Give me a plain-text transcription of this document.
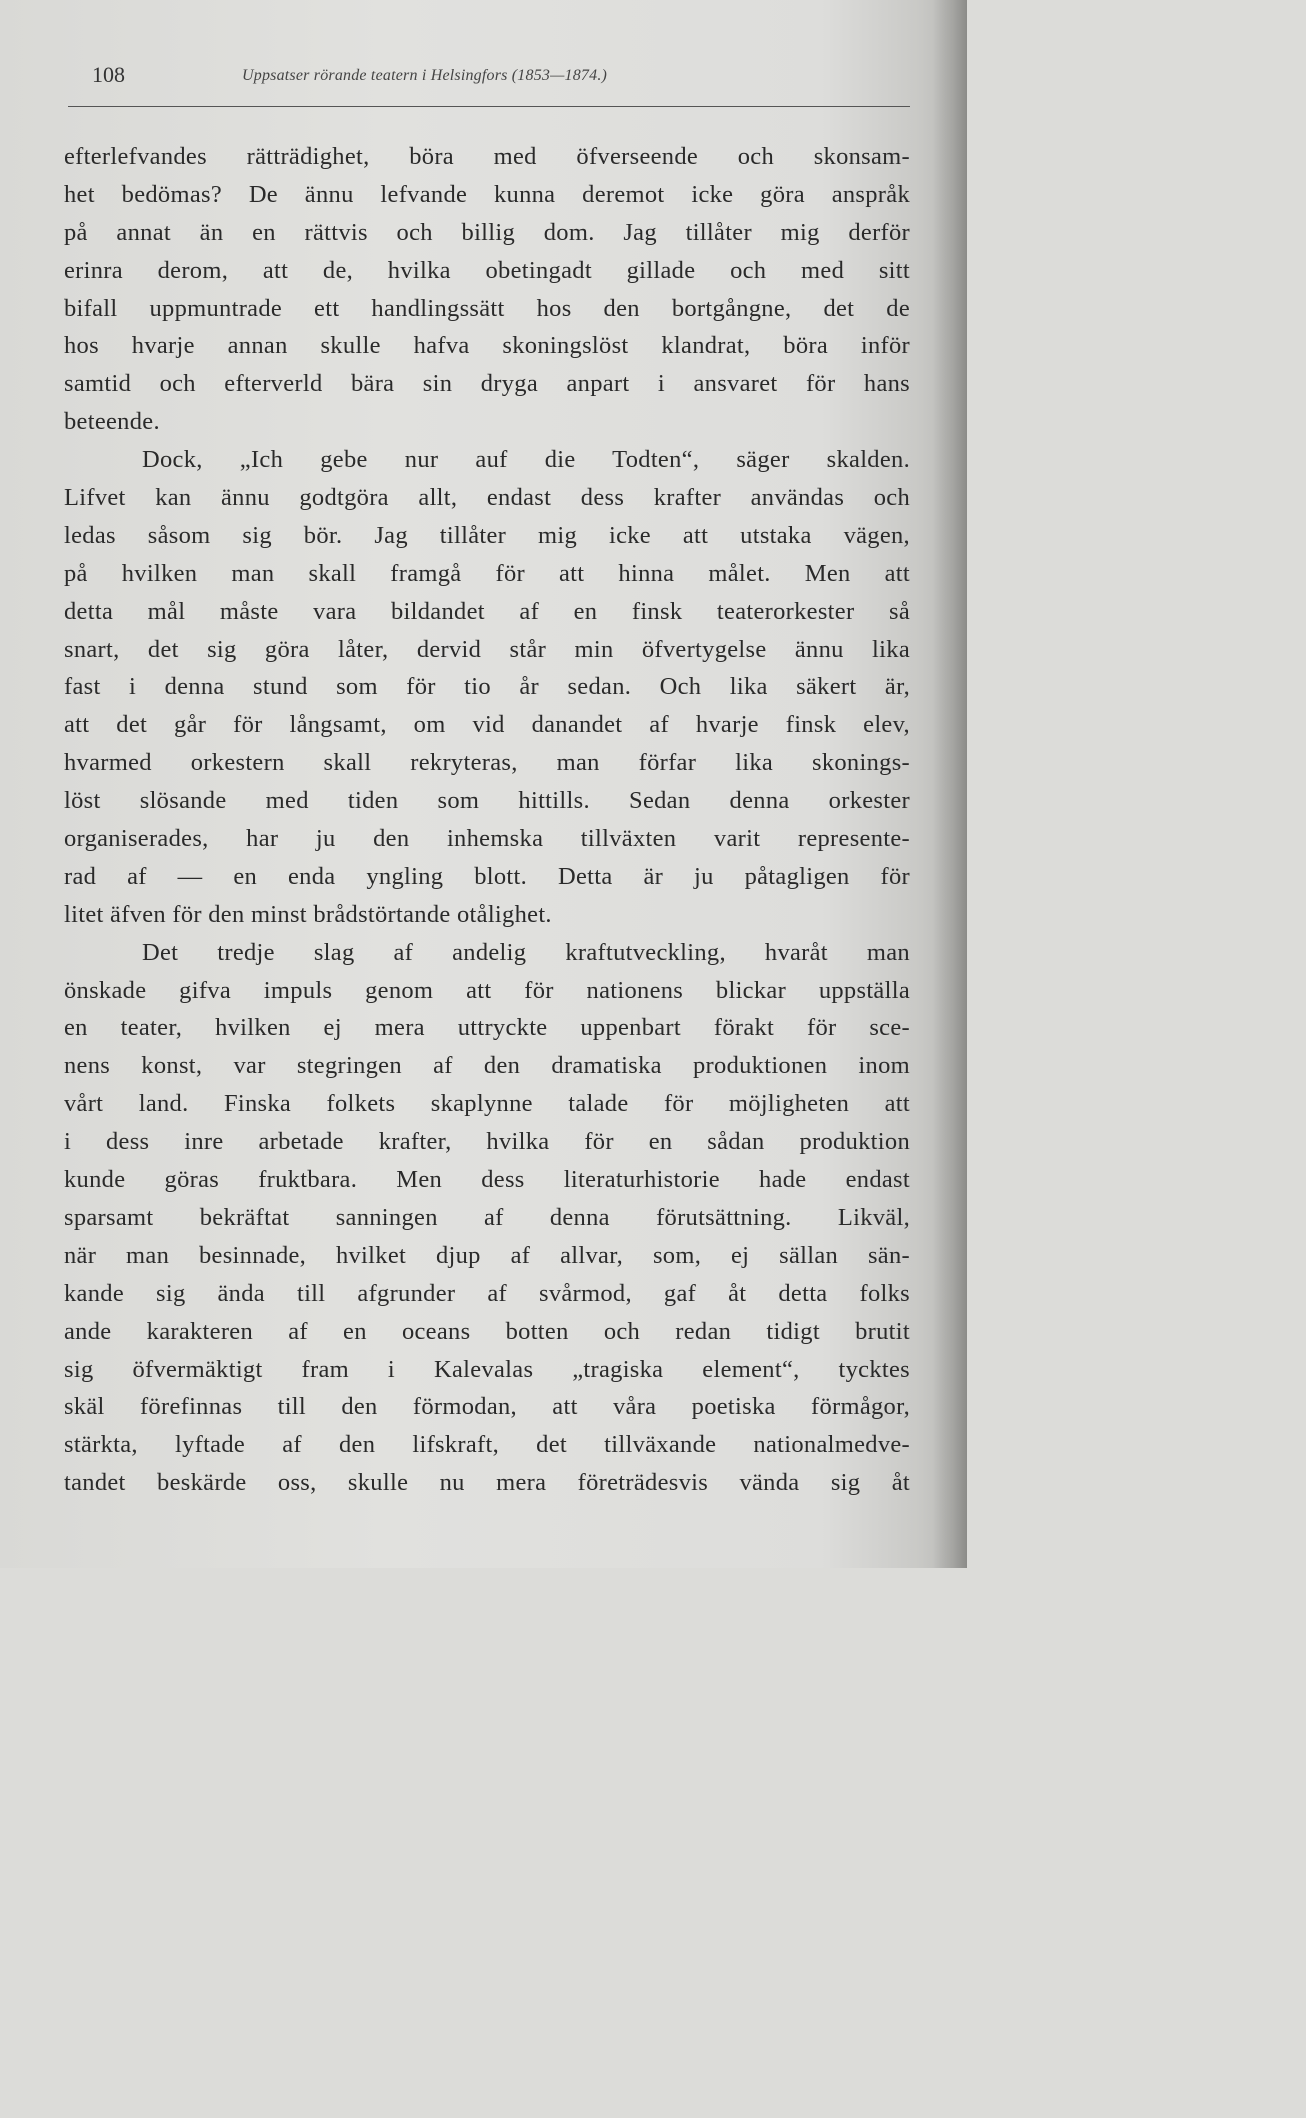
108	Uppsatser rörande teatern i Helsingfors (1853—1874.)
efterlefvandes rätträdighet, böra med öfverseende och skonsam-
het bedömas? De ännu lefvande kunna deremot icke göra anspråk
på annat än en rättvis och billig dom. Jag tillåter mig derför
erinra derom, att de, hvilka obetingadt gillade och med sitt
bifall uppmuntrade ett handlingssätt hos den bortgångne, det de
hos hvarje annan skulle hafva skoningslöst klandrat, böra inför
samtid och efterverld bära sin dryga anpart i ansvaret för hans
beteende.
Dock, „Ich gebe nur auf die Todten“, säger skalden.
Lifvet kan ännu godtgöra allt, endast dess krafter användas och
ledas såsom sig bör. Jag tillåter mig icke att utstaka vägen,
på hvilken man skall framgå för att hinna målet. Men att
detta mål måste vara bildandet af en finsk teaterorkester så
snart, det sig göra låter, dervid står min öfvertygelse ännu lika
fast i denna stund som för tio år sedan. Och lika säkert är,
att det går för långsamt, om vid danandet af hvarje finsk elev,
hvarmed orkestern skall rekryteras, man förfar lika skonings-
löst slösande med tiden som hittills. Sedan denna orkester
organiserades, har ju den inhemska tillväxten varit represente-
rad af — en enda yngling blott. Detta är ju påtagligen för
litet äfven för den minst brådstörtande otålighet.
Det tredje slag af andelig kraftutveckling, hvaråt man
önskade gifva impuls genom att för nationens blickar uppställa
en teater, hvilken ej mera uttryckte uppenbart förakt för sce-
nens konst, var stegringen af den dramatiska produktionen inom
vårt land. Finska folkets skaplynne talade för möjligheten att
i dess inre arbetade krafter, hvilka för en sådan produktion
kunde göras fruktbara. Men dess literaturhistorie hade endast
sparsamt bekräftat sanningen af denna förutsättning. Likväl,
när man besinnade, hvilket djup af allvar, som, ej sällan sän-
kande sig ända till afgrunder af svårmod, gaf åt detta folks
ande karakteren af en oceans botten och redan tidigt brutit
sig öfvermäktigt fram i Kalevalas „tragiska element“, tycktes
skäl förefinnas till den förmodan, att våra poetiska förmågor,
stärkta, lyftade af den lifskraft, det tillväxande nationalmedve-
tandet beskärde oss, skulle nu mera företrädesvis vända sig åt
